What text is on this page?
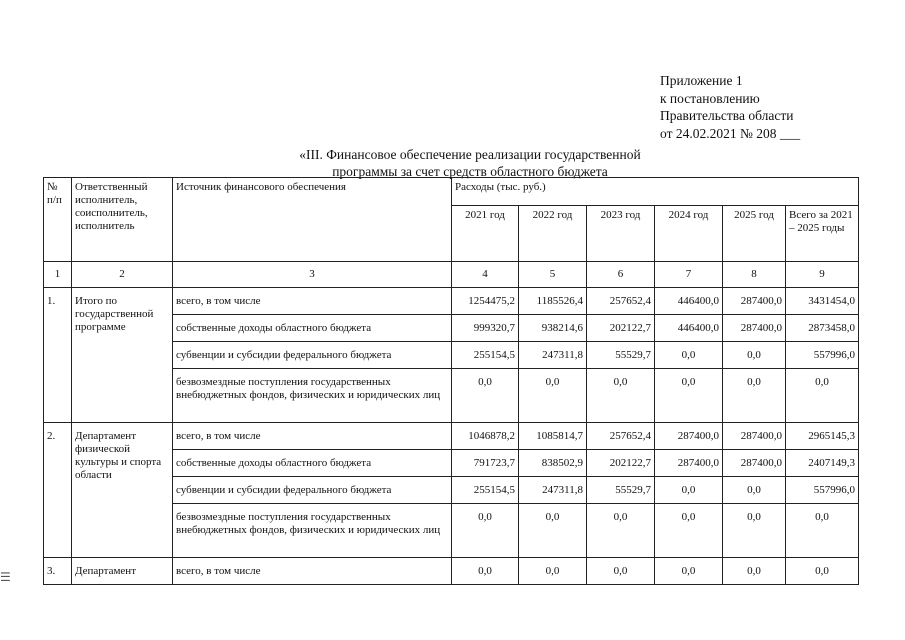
Приложение 1
к постановлению
Правительства области
от 24.02.2021 № 208 ___
«III. Финансовое обеспечение реализации государственной
программы за счет средств областного бюджета
№ п/п	Ответственный исполнитель, соисполнитель, исполнитель	Источник финансового обеспечения	Расходы (тыс. руб.)					
			2021 год	2022 год	2023 год	2024 год	2025 год	Всего за 2021 – 2025 годы
1	2	3	4	5	6	7	8	9
1.	Итого по государственной программе	всего, в том числе	1254475,2	1185526,4	257652,4	446400,0	287400,0	3431454,0
		собственные доходы областного бюджета	999320,7	938214,6	202122,7	446400,0	287400,0	2873458,0
		субвенции и субсидии федерального бюджета	255154,5	247311,8	55529,7	0,0	0,0	557996,0
		безвозмездные поступления государственных внебюджетных фондов, физических и юридических лиц	0,0	0,0	0,0	0,0	0,0	0,0
2.	Департамент физической культуры и спорта области	всего, в том числе	1046878,2	1085814,7	257652,4	287400,0	287400,0	2965145,3
		собственные доходы областного бюджета	791723,7	838502,9	202122,7	287400,0	287400,0	2407149,3
		субвенции и субсидии федерального бюджета	255154,5	247311,8	55529,7	0,0	0,0	557996,0
		безвозмездные поступления государственных внебюджетных фондов, физических и юридических лиц	0,0	0,0	0,0	0,0	0,0	0,0
3.	Департамент	всего, в том числе	0,0	0,0	0,0	0,0	0,0	0,0
☰
